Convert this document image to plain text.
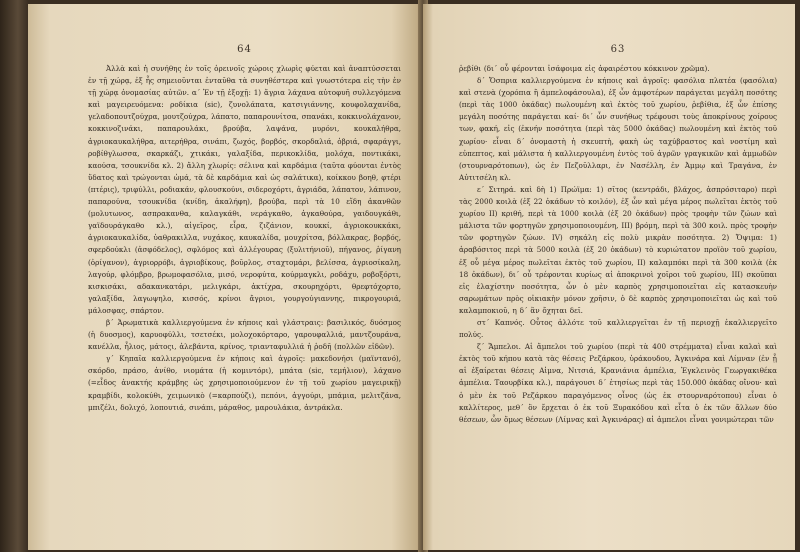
64

Ἀλλὰ καὶ ἡ συνήθης ἐν τοῖς ὀρεινοῖς χώροις χλωρὶς φύεται καὶ ἀναπτύσσεται ἐν τῇ χώρᾳ, ἐξ ἧς σημειοῦνται ἐνταῦθα τὰ συνηθέστερα καὶ γνωστότερα εἰς τὴν ἐν τῇ χώρᾳ ὀνομασίας αὐτῶν. α΄ Ἐν τῇ ἐξοχῇ: 1) ἄγρια λάχανα αὐτοφυῆ συλλεγόμενα καὶ μαγειρευόμενα: ροδίκια (sic), ζυνολάπατα, κατσιγιάννης, κουφολαχανίδα, γελαδοπουτζούχρα, μουτζούχρα, λάπατο, παπαρουνίτσα, σπανάκι, κοκκινολάχανον, κοκκινοζινάκι, παπαρουλάκι, βρούβα, λαψάνα, μυρόνι, κουκαλήθρα, ἀγριοκαυκαλήθρα, αιτερήθρα, σινάπι, ζωχός, βορβός, σκορδαλιά, ὀβριά, σφαράγγι, ροβίθγλωσσα, σκαρκάζι, χτικάκι, γαλαξίδα, περικοκλίδα, μολόχα, ποντικάκι, καούσα, τσουκνίδα κλ. 2) ἄλλη χλωρίς: σέλινα καὶ καρδάμια (ταῦτα φύονται ἐντὸς ὕδατος καὶ τρώγονται ὠμά, τὰ δὲ καρδάμια καὶ ὡς σαλάτικα), κοίκκου βοηθ, φτέρι (πτέρις), τριφύλλι, ροδιακάν, φλουσκούνι, σιδεροχόρτι, ἀγριάδα, λάπατον, λάπινον, παπαρούνα, τσουκνίδα (κνίδη, ἀκαλήφη), βρούβα, περὶ τὰ 10 εἴδη ἀκανθῶν (μολυτωνος, ασπρακανθα, καλαγκάθι, νεράγκαθο, ἀγκαθούρα, γαιδουγκάθι, γαϊδουράγκαθο κλ.), αἰγεῖρος, εἶρα, ζιζάνιον, κουκκί, ἀγριοκουκκάκι, ἀγριοκαυκαλίδα, ὑαθρακιλλα, νυχάκος, καυκαλίδα, μουχρίτσα, βόλλακρας, βορβός, σφερδούκλι (ἀσφόδελος), σφλόμος καὶ ἀλλέγουρας (ξυλιτήνιοῦ), πήγανος, ῥίγανη (ὀρίγανον), ἀγριορρόβι, ἀγριοβίκους, βοῦρλος, σταχτομάρι, βελίσσα, ἀγριοσίκαλη, λαγούρ, φλόμβρο, βρωμοφασόλια, μισό, νεροφύτα, κούρμαγκλι, ροδάχυ, ροβοξόρτι, κισκισάκι, αδακανκατάρι, μελιγκάρι, ἀκτίχρα, σκουρηχόρτι, θρεφτόχορτο, γαλαξίδα, λαγωψηλο, κισσός, κρίνοι ἄγριοι, γουργούγιαννης, πικρογουριά, μάλοσφας, σπάρτον.

β΄ Ἀρωματικὰ καλλιεργούμενα ἐν κήποις καὶ γλάστραις: βασιλικός, δυόσμος (ἡ δυοσμος), καρυοφύλλι, τσετσέκι, μολοχοκόρταρο, γαρουφαλλιά, μαντζουράνα, κανέλλα, ἦλιος, μάτοςι, ἀλεβάντα, κρίνος, τριανταφυλλιά ἡ ῥοδῆ (πολλῶν εἰδῶν).

γ΄ Κηπαῖα καλλιεργούμενα ἐν κήποις καὶ ἀγροῖς: μακεδονήσι (μαϊντανό), σκόρδο, πράσο, ἀνίθο, νιομάτα (ἡ κομιντόρι), μπάτα (sic, τεμήλιον), λάχανο (=εἶδος ἀνακτής κράμβης ὡς χρησιμοποιούμενον ἐν τῇ τοῦ χωρίου μαγειρικῇ) κραμβίδι, κολοκύθι, χειμωνικὸ (=καρπούζι), πεπόνι, ἀγγούρι, μπάμια, μελιτζάνα, μπιζέλι, δολιχό, λοπουτιά, σινάπι, μάραθος, μαρουλάκια, ἀντράκλα.

63

ῥεβίθι (δι΄ οὗ φέρονται ἰσάφοιμα εἰς ἀφαιρέστου κόκκινον χρῶμα).

δ΄ Ὄσπρια καλλιεργούμενα ἐν κήποις καὶ ἀγροῖς: φασόλια πλατέα (φασόλια) καὶ στενὰ (χορόπια ἢ ἀμπελοφάσουλα), ἐξ ὧν ἀμφοτέρων παράγεται μεγάλη ποσότης (περὶ τὰς 1000 ὀκάδας) πωλουμένη καὶ ἐκτὸς τοῦ χωρίου, ῥεβίθια, ἐξ ὧν ἐπίσης μεγάλη ποσότης παράγεται καί· δι΄ ὧν συνήθως τρέφουσι τοὺς ἀποκρίνους χοίρους των, φακή, εἰς (ἐκνήν ποσότητα (περὶ τὰς 5000 ὀκάδας) πωλουμένη καὶ ἐκτὸς τοῦ χωρίου· εἶναι δ΄ ὀνομαστὴ ἡ σκευπτὴ, φακὴ ὡς ταχύβραστος καὶ νοστίμη καὶ εὐπεπτος, καὶ μάλιστα ἡ καλλιεργουμένη ἐντὸς τοῦ ἀγρῶν γραγκικῶν καὶ ἀμμωδῶν (στουρναρότοπων), ὡς ἐν Πεζοῦλλαρι, ἐν Νασέλλη, ἐν Ἀμμῳ καὶ Τραγάνα, ἐν Αὐτιτσέλη κλ.

ε΄ Σιτηρά. καὶ δὴ 1) Πρώϊμα: 1) σῖτος (κεντράδι, βλάχος, ἀσπρόσιταρο) περὶ τὰς 2000 κοιλὰ (ἐξ 22 ὀκάδων τὸ κοιλόν), ἐξ ὧν καὶ μέγα μέρος πωλεῖται ἐκτὸς τοῦ χωρίου II) κριθή, περὶ τὰ 1000 κοιλὰ (ἐξ 20 ὀκάδων) πρὸς τροφὴν τῶν ζώων καὶ μάλιστα τῶν φορτηγῶν χρησιμοποιουμένη, III) βρόμη, περὶ τὰ 300 κοιλ. πρὸς τροφὴν τῶν φορτηγῶν ζώων. IV) σηκάλη εἰς πολὺ μικρὰν ποσότητα. 2) Ὄψιμα: 1) ἀραβόσιτος περὶ τὰ 5000 κοιλὰ (ἐξ 20 ὀκάδων) τὸ κυριώτατον προϊὸν τοῦ χωρίου, ἐξ οὗ μέγα μέρος πωλεῖται ἐκτὸς τοῦ χωρίου, II) καλαμπόκι περὶ τὰ 300 κοιλὰ (ἐκ 18 ὀκάδων), δι΄ οὗ τρέφονται κυρίως αἱ ἀποκρινοὶ χοῖροι τοῦ χωρίου, III) σκοῦπαι εἰς ἐλαχίστην ποσότητα, ὧν ὁ μὲν καρπὸς χρησιμοποιεῖται εἰς κατασκευὴν σαρωμάτων πρὸς οἰκιακὴν μόνον χρῆσιν, ὁ δὲ καρπὸς χρησιμοποιεῖται ὡς καὶ τοῦ καλαμποκιοῦ, η δ΄ ἂν ὄχηται δεῖ.

στ΄ Καπνός. Οὗτος ἀλλότε τοῦ καλλιεργεῖται ἐν τῇ περιοχῇ ἐκαλλιεργεῖτο πολύς.

ζ΄ Ἄμπελοι. Αἱ ἄμπελοι τοῦ χωρίου (περὶ τὰ 400 στρέμματα) εἶναι καλαὶ καὶ ἐκτὸς τοῦ κήπου κατὰ τὰς θέσεις Ρεζάρκου, ὑράκουδου, Ἀγκινάρα καὶ Λίμναν (ἐν ᾗ αἱ ἐξαίρεται θέσεις Αἰμνα, Νιτσιά, Κρανιάνια ἀμπέλια, Ἐγκλεινὸς Γεωργακιθέκα ἀμπέλια. Ταουρβίκα κλ.), παράγουσι δ΄ ἐτησίως περὶ τὰς 150.000 ὀκάδας οἴνου· καὶ ὁ μὲν ἐκ τοῦ Ρεζάρκου παραγόμενος οἶνος (ὡς ἐκ στουρναρότοπου) εἶναι ὁ καλλίτερος, μεθ΄ ὃν ἔρχεται ὁ ἐκ τοῦ Ξυρακόδου καὶ εἶτα ὁ ἐκ τῶν ἄλλων δύο θέσεων, ὧν ὅμως θέσεων (Λίμνας καὶ Ἀγκινάρας) αἱ ἀμπελοι εἶναι γονιμώτεραι τῶν
